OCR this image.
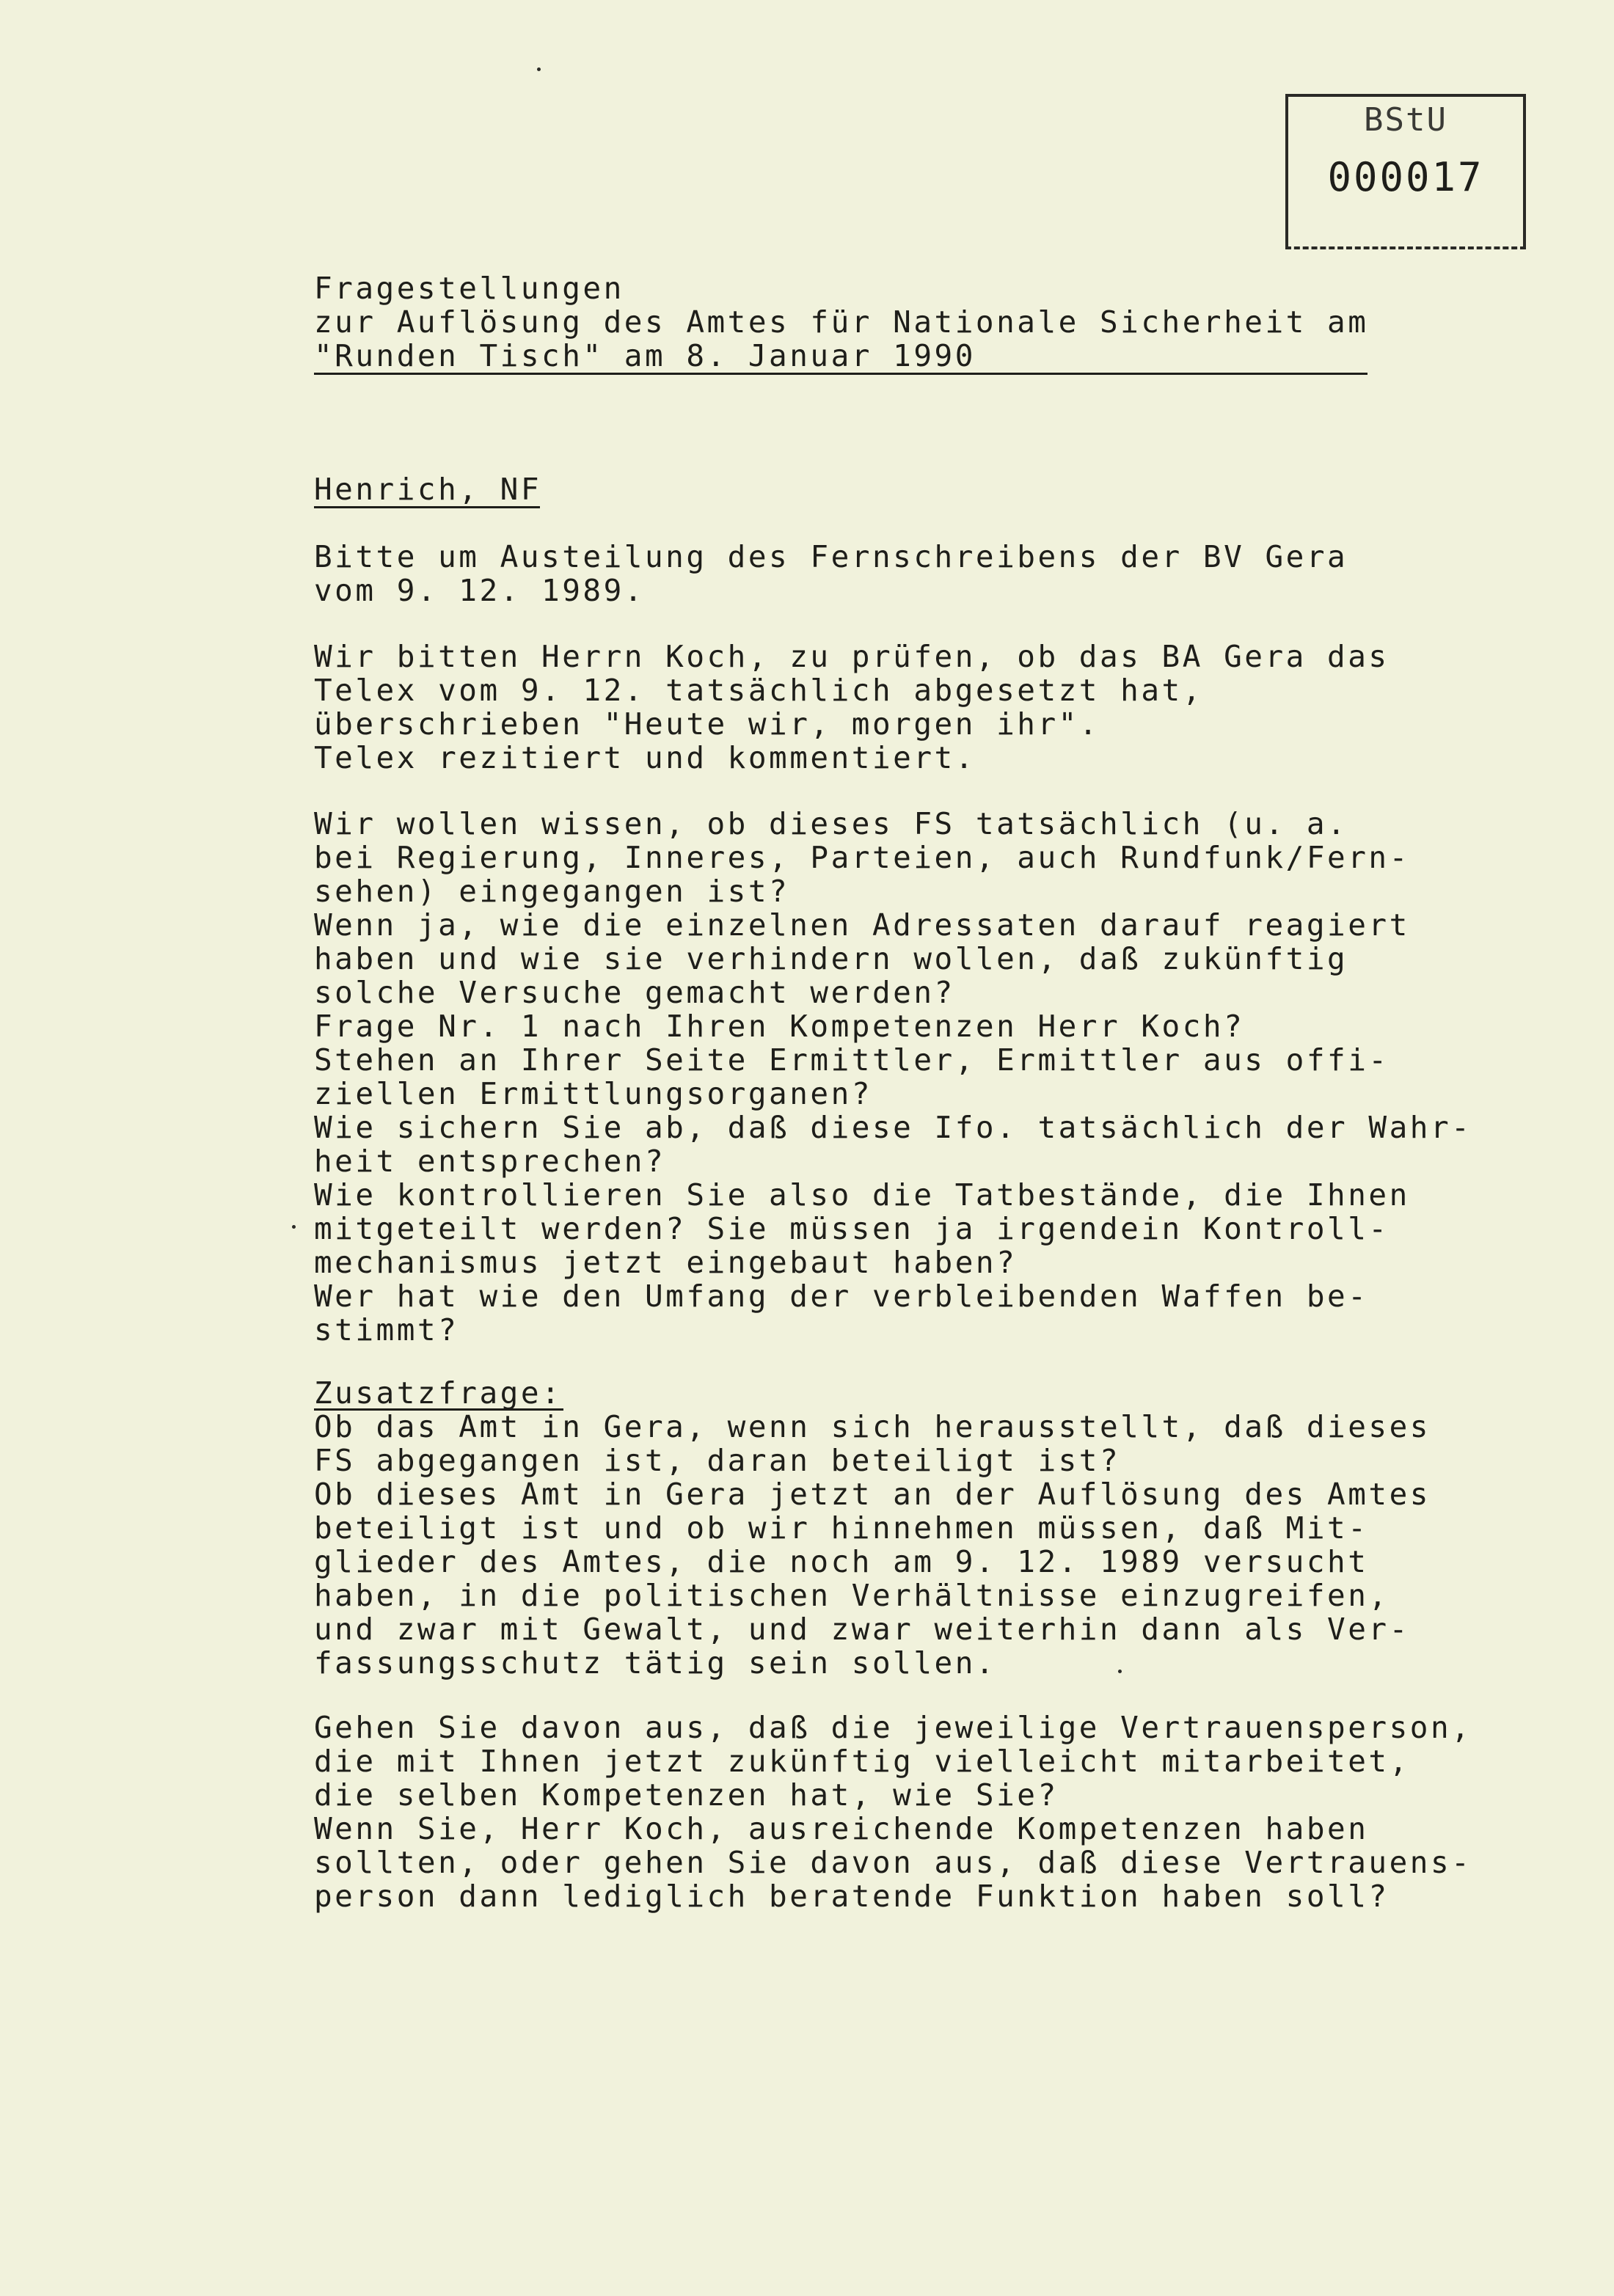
BStU
000017

Fragestellungen

zur Auflösung des Amtes für Nationale Sicherheit am

"Runden Tisch" am 8. Januar 1990

Henrich, NF

Bitte um Austeilung des Fernschreibens der BV Gera

vom 9. 12. 1989.

Wir bitten Herrn Koch, zu prüfen, ob das BA Gera das

Telex vom 9. 12. tatsächlich abgesetzt hat,

überschrieben "Heute wir, morgen ihr".

Telex rezitiert und kommentiert.

Wir wollen wissen, ob dieses FS tatsächlich (u. a.

bei Regierung, Inneres, Parteien, auch Rundfunk/Fern-

sehen) eingegangen ist?

Wenn ja, wie die einzelnen Adressaten darauf reagiert

haben und wie sie verhindern wollen, daß zukünftig

solche Versuche gemacht werden?

Frage Nr. 1 nach Ihren Kompetenzen Herr Koch?

Stehen an Ihrer Seite Ermittler, Ermittler aus offi-

ziellen Ermittlungsorganen?

Wie sichern Sie ab, daß diese Ifo. tatsächlich der Wahr-

heit entsprechen?

Wie kontrollieren Sie also die Tatbestände, die Ihnen

mitgeteilt werden? Sie müssen ja irgendein Kontroll-

mechanismus jetzt eingebaut haben?

Wer hat wie den Umfang der verbleibenden Waffen be-

stimmt?

Zusatzfrage:

Ob das Amt in Gera, wenn sich herausstellt, daß dieses

FS abgegangen ist, daran beteiligt ist?

Ob dieses Amt in Gera jetzt an der Auflösung des Amtes

beteiligt ist und ob wir hinnehmen müssen, daß Mit-

glieder des Amtes, die noch am 9. 12. 1989 versucht

haben, in die politischen Verhältnisse einzugreifen,

und zwar mit Gewalt, und zwar weiterhin dann als Ver-

fassungsschutz tätig sein sollen.

Gehen Sie davon aus, daß die jeweilige Vertrauensperson,

die mit Ihnen jetzt zukünftig vielleicht mitarbeitet,

die selben Kompetenzen hat, wie Sie?

Wenn Sie, Herr Koch, ausreichende Kompetenzen haben

sollten, oder gehen Sie davon aus, daß diese Vertrauens-

person dann lediglich beratende Funktion haben soll?
